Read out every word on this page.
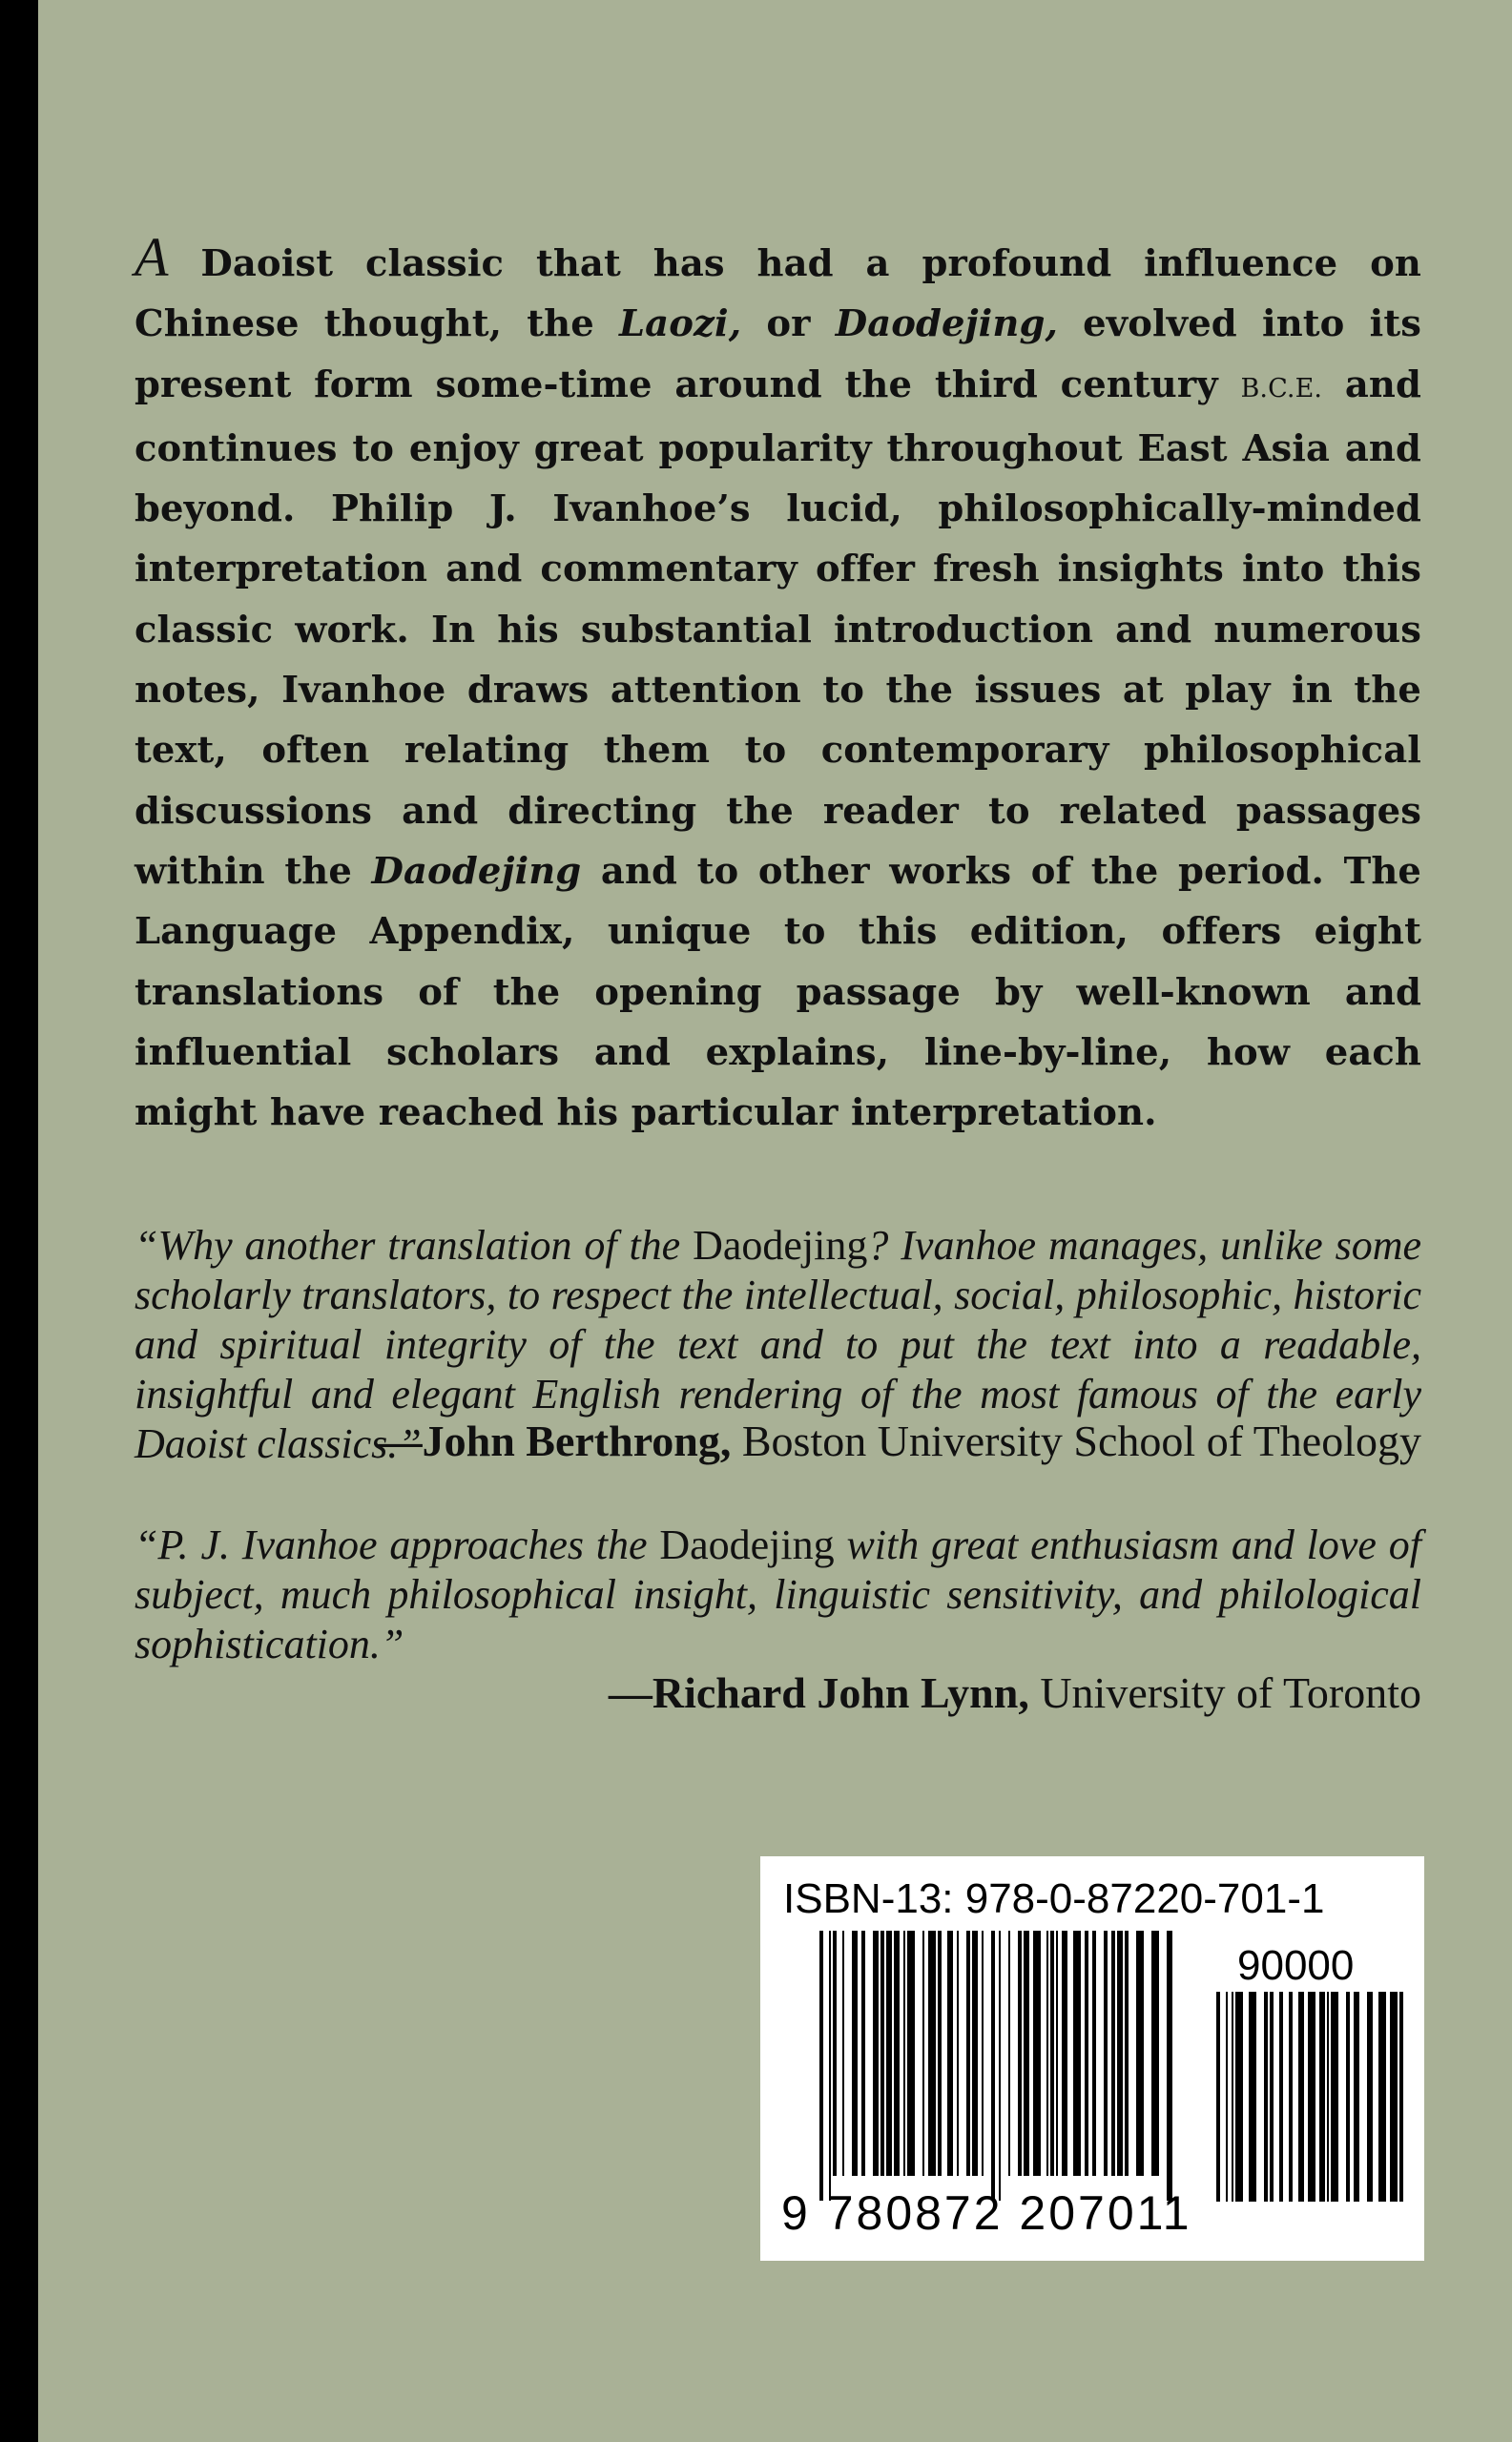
A Daoist classic that has had a profound influence on Chinese thought, the Laozi, or Daodejing, evolved into its present form some-time around the third century B.C.E. and continues to enjoy great popularity throughout East Asia and beyond. Philip J. Ivanhoe’s lucid, philosophically-minded interpretation and commentary offer fresh insights into this classic work. In his substantial introduction and numerous notes, Ivanhoe draws attention to the issues at play in the text, often relating them to contemporary philosophical discussions and directing the reader to related passages within the Daodejing and to other works of the period. The Language Appendix, unique to this edition, offers eight translations of the opening passage by well-known and influential scholars and explains, line-by-line, how each might have reached his particular interpretation.
“Why another translation of the Daodejing? Ivanhoe manages, unlike some scholarly translators, to respect the intellectual, social, philosophic, historic and spiritual integrity of the text and to put the text into a readable, insightful and elegant English rendering of the most famous of the early Daoist classics.”
—John Berthrong, Boston University School of Theology
“P. J. Ivanhoe approaches the Daodejing with great enthusiasm and love of subject, much philosophical insight, linguistic sensitivity, and philological sophistication.”
—Richard John Lynn, University of Toronto
ISBN-13: 978-0-87220-701-1
90000
9 780872 207011
